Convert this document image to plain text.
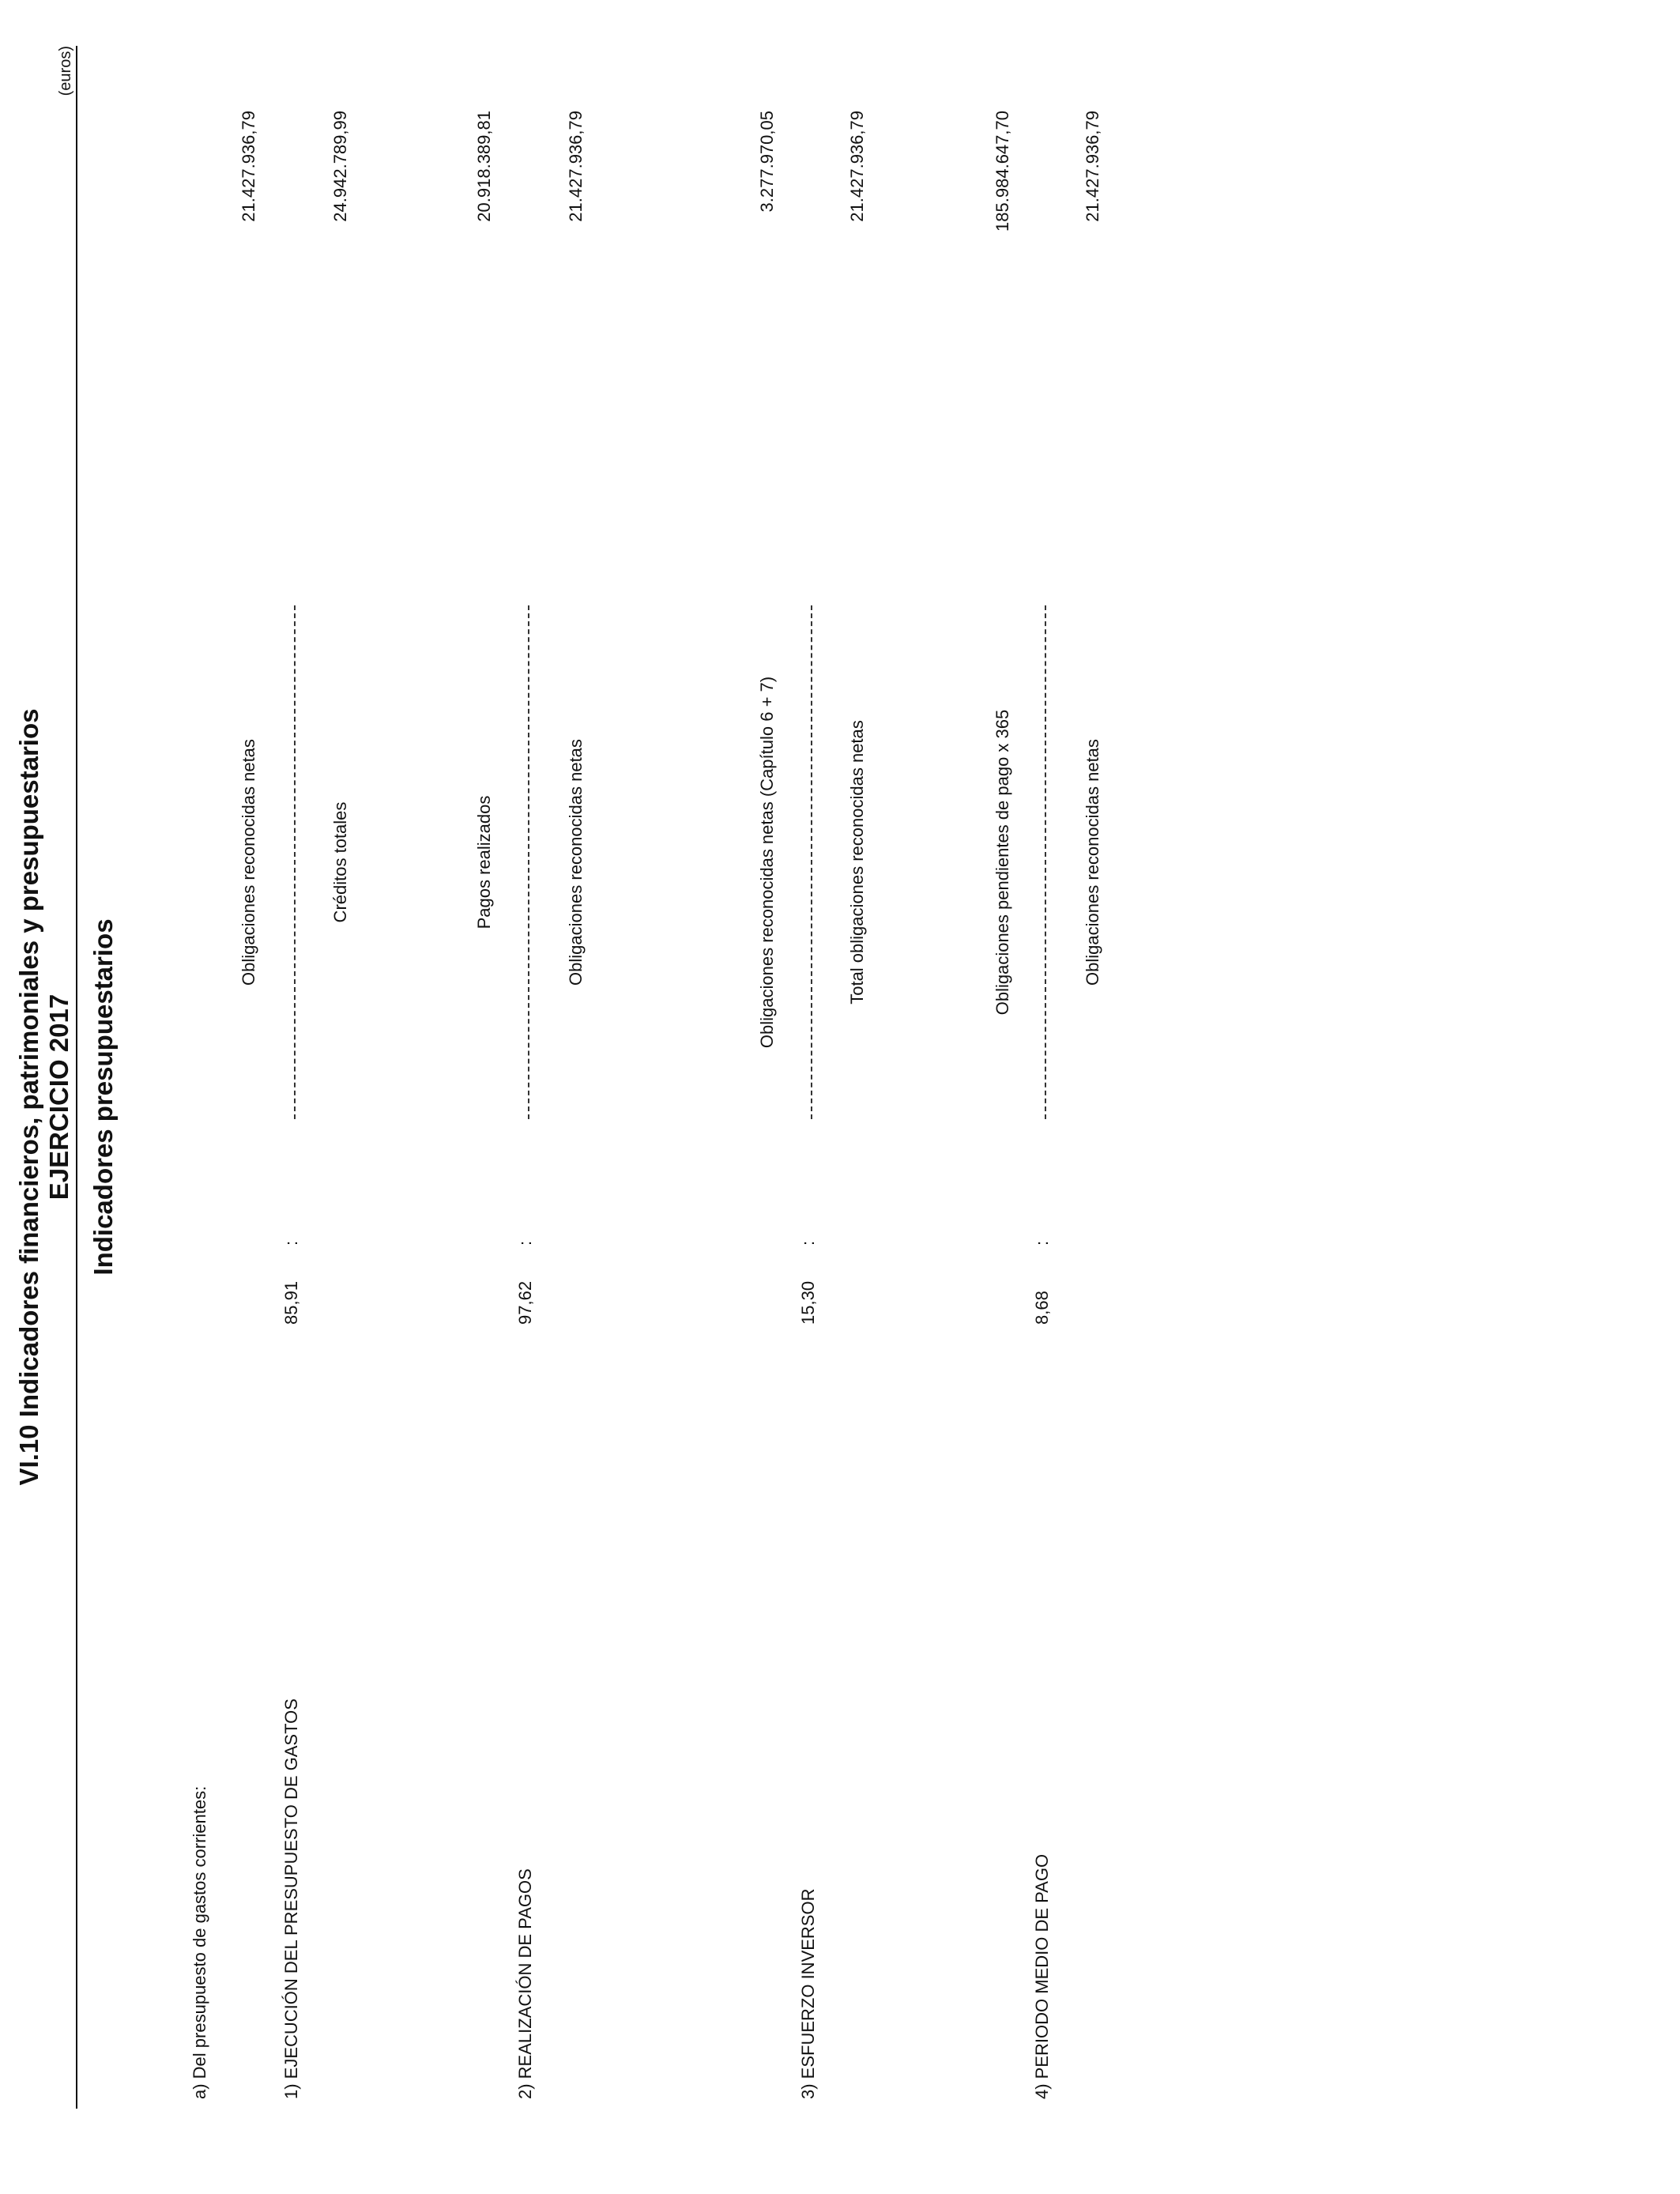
VI.10 Indicadores financieros, patrimoniales y presupuestarios EJERCICIO 2017
(euros)
Indicadores presupuestarios
a) Del presupuesto de gastos corrientes:	1) EJECUCIÓN DEL PRESUPUESTO DE GASTOS
85,91
:
Obligaciones reconocidas netas	Créditos totales
21.427.936,79	24.942.789,99
2) REALIZACIÓN DE PAGOS
97,62
:
Pagos realizados	Obligaciones reconocidas netas
20.918.389,81	21.427.936,79
3) ESFUERZO INVERSOR
15,30
:
Obligaciones reconocidas netas (Capítulo 6 + 7)	Total obligaciones reconocidas netas
3.277.970,05	21.427.936,79
4) PERIODO MEDIO DE PAGO
8,68
:
Obligaciones pendientes de pago x 365	Obligaciones reconocidas netas
185.984.647,70	21.427.936,79
